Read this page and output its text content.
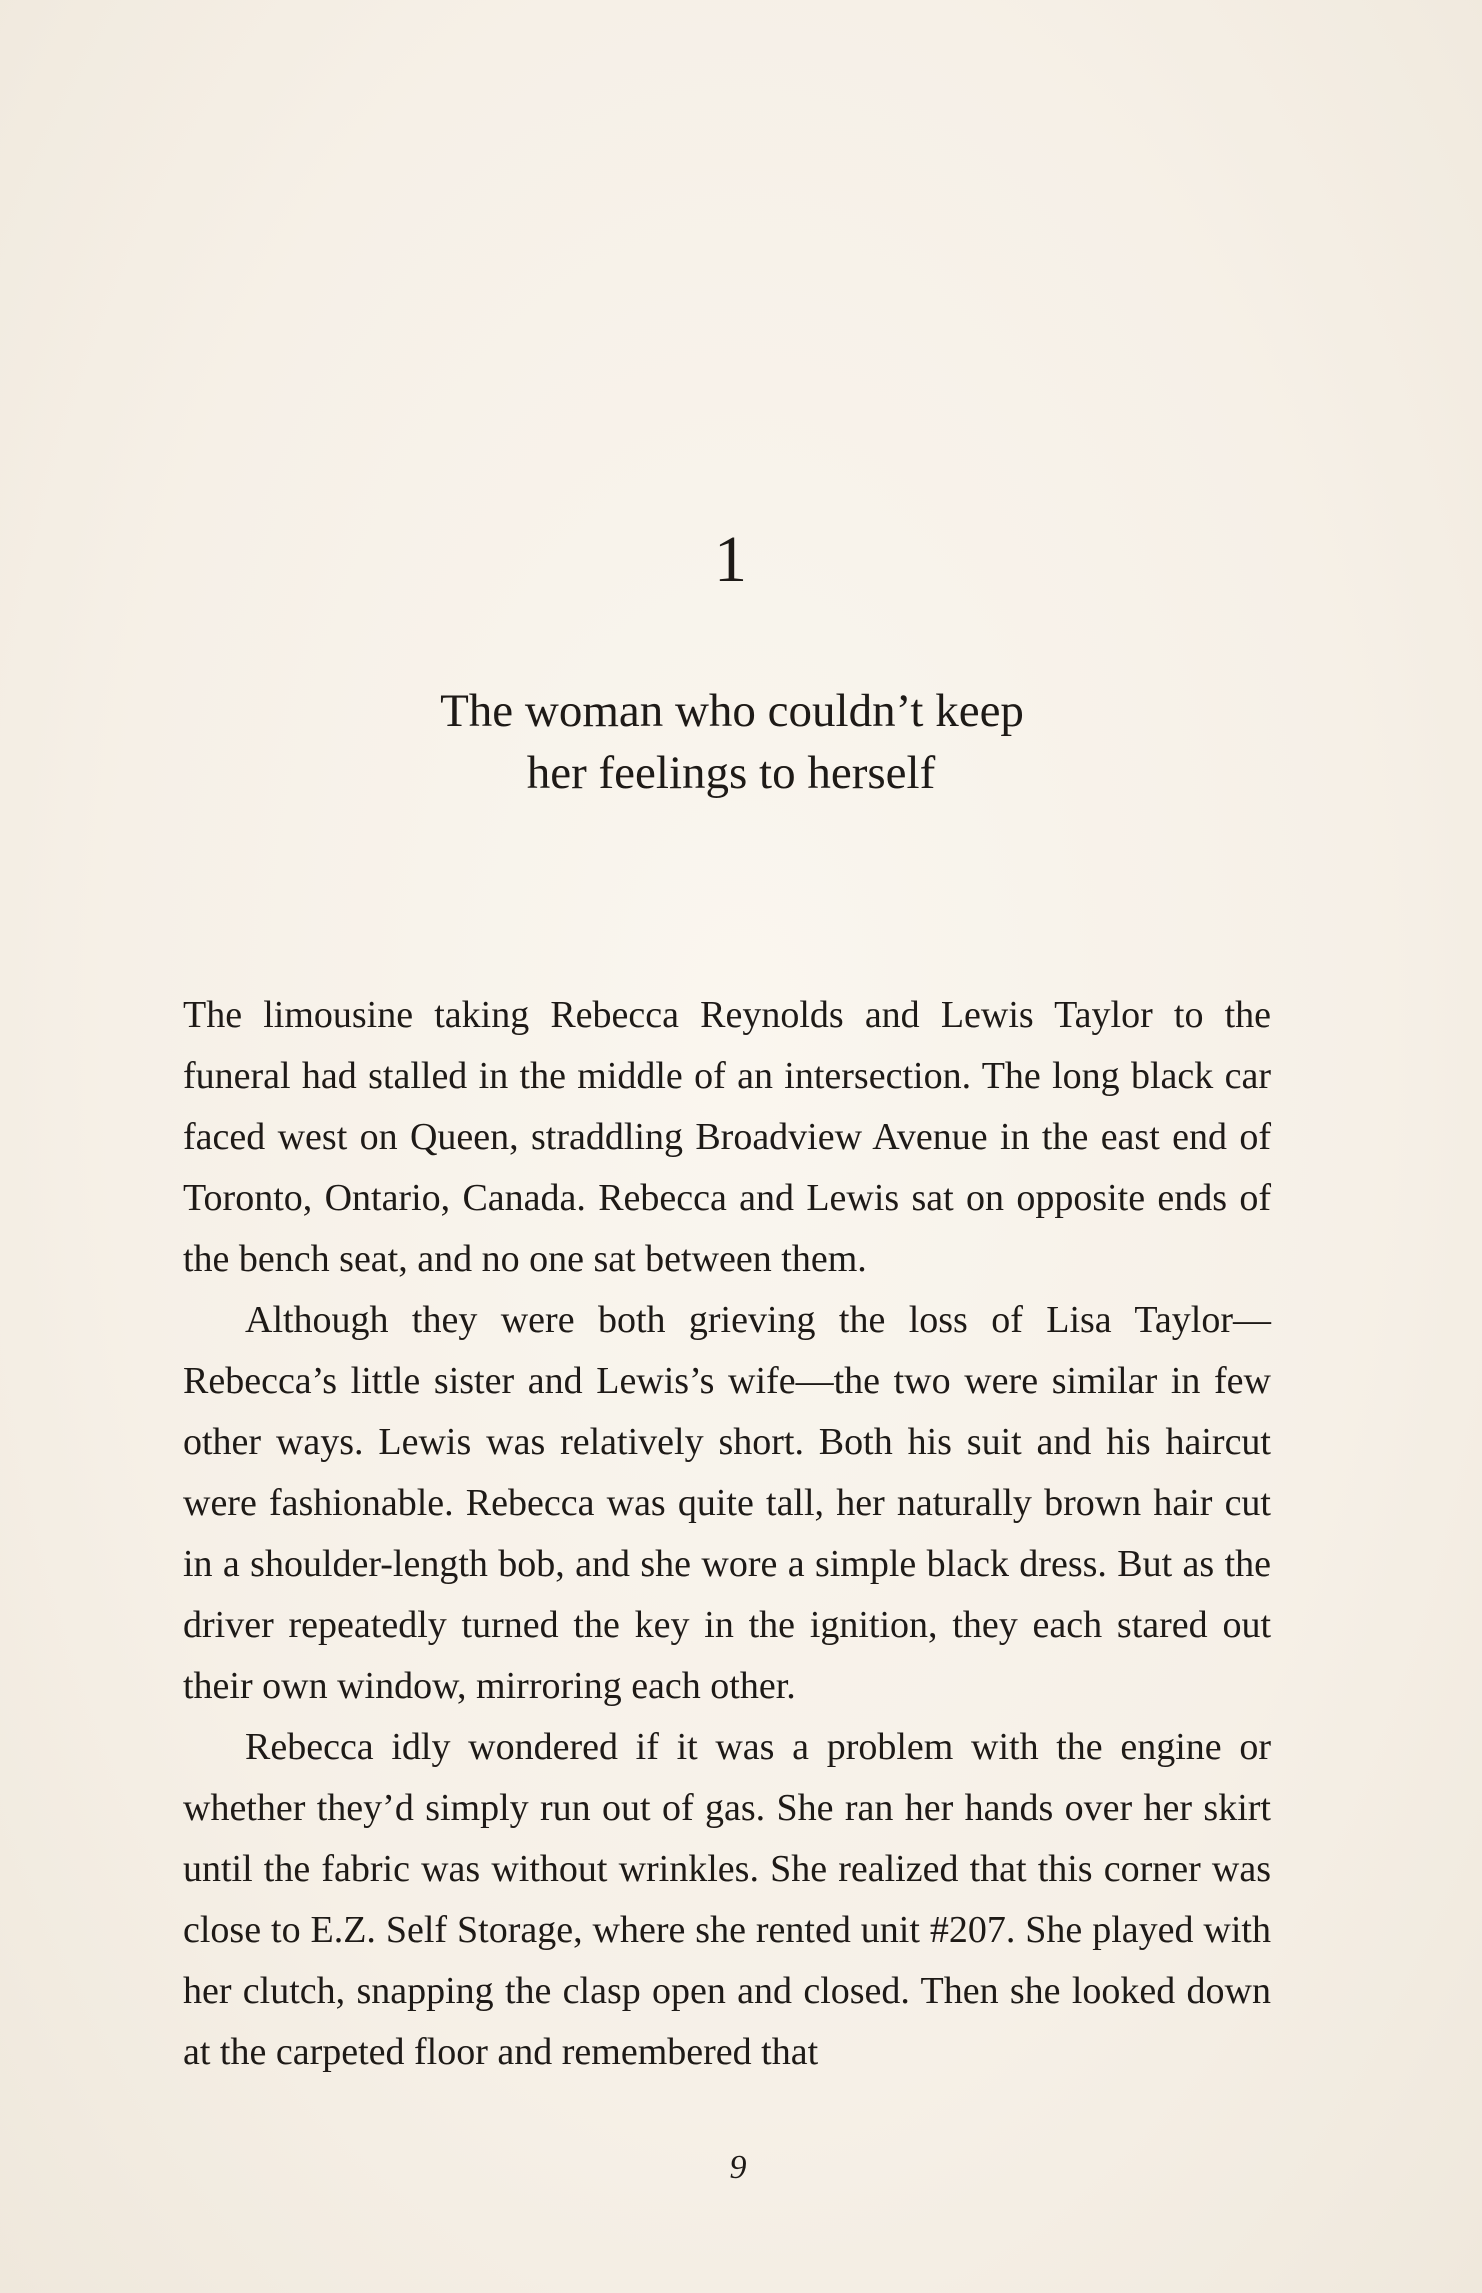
1
The woman who couldn’t keep
her feelings to herself

The limousine taking Rebecca Reynolds and Lewis Taylor to the funeral had stalled in the middle of an intersection. The long black car faced west on Queen, straddling Broadview Avenue in the east end of Toronto, Ontario, Canada. Rebecca and Lewis sat on opposite ends of the bench seat, and no one sat between them.

Although they were both grieving the loss of Lisa Taylor—Rebecca’s little sister and Lewis’s wife—the two were similar in few other ways. Lewis was relatively short. Both his suit and his haircut were fashionable. Rebecca was quite tall, her naturally brown hair cut in a shoulder-length bob, and she wore a simple black dress. But as the driver repeatedly turned the key in the ignition, they each stared out their own window, mirroring each other.

Rebecca idly wondered if it was a problem with the engine or whether they’d simply run out of gas. She ran her hands over her skirt until the fabric was without wrinkles. She realized that this corner was close to E.Z. Self Storage, where she rented unit #207. She played with her clutch, snapping the clasp open and closed. Then she looked down at the carpeted floor and remembered that

9
